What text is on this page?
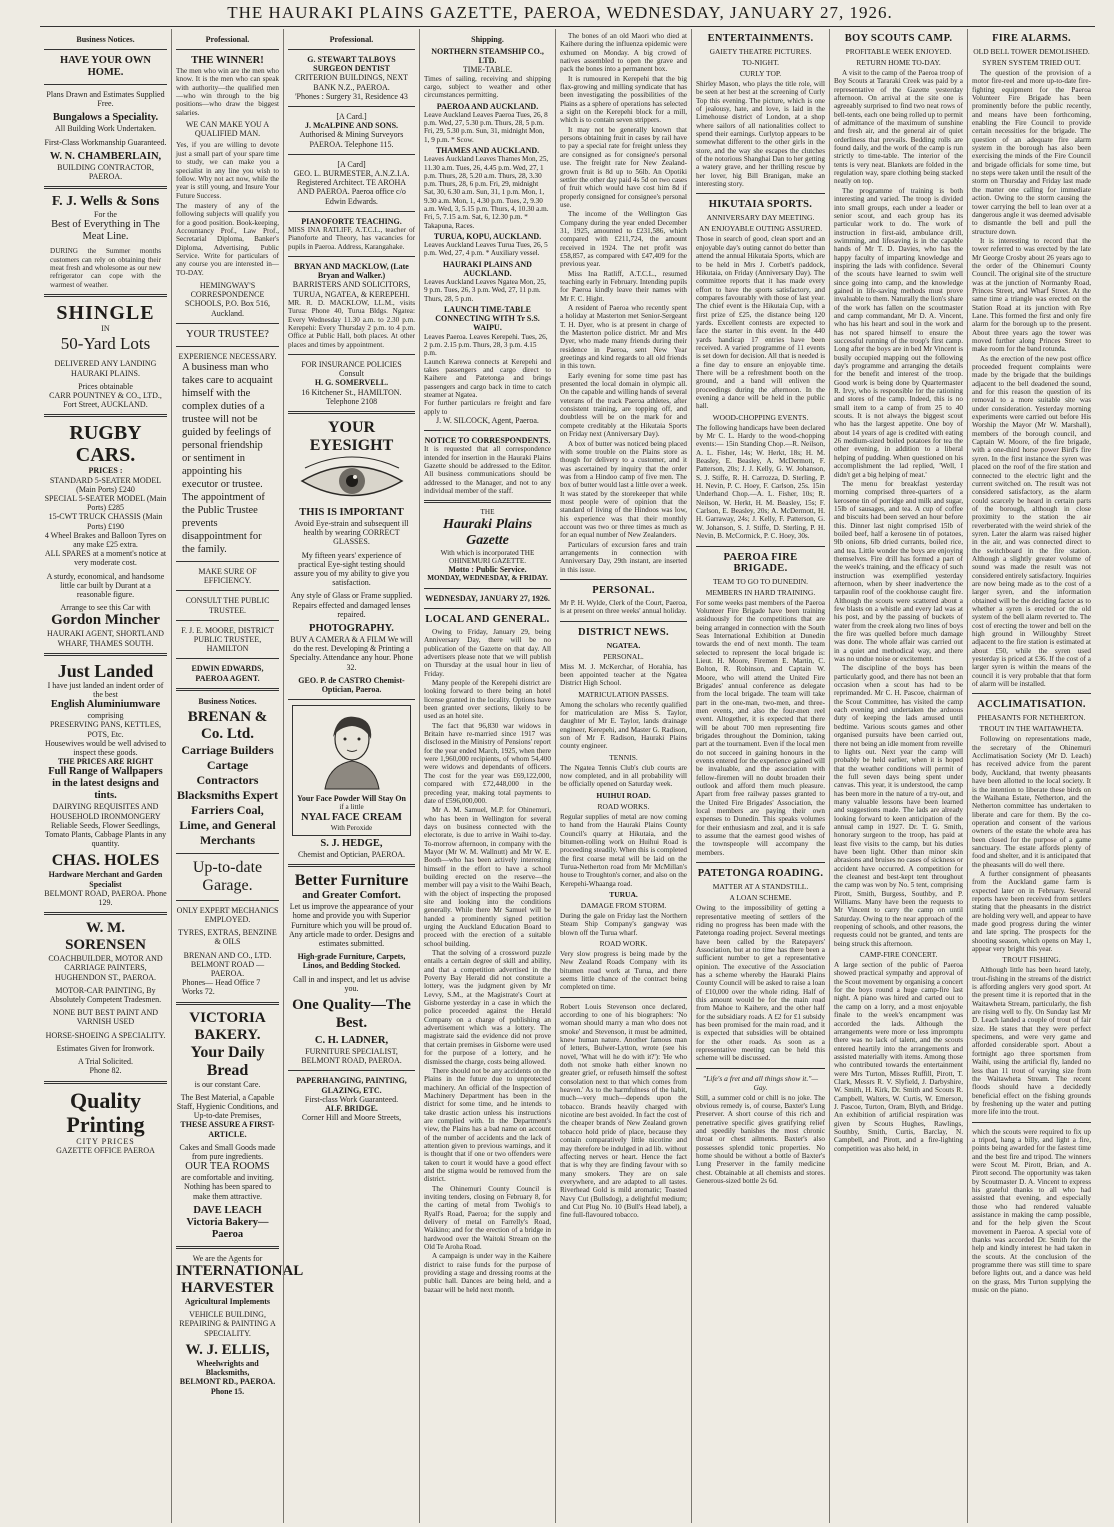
THE HAURAKI PLAINS GAZETTE, PAEROA, WEDNESDAY, JANUARY 27, 1926.
Business Notices.
HAVE YOUR OWN HOME.
Plans Drawn and Estimates Supplied Free.
Bungalows a Speciality.
All Building Work Undertaken.
First-Class Workmanship Guaranteed.
W. N. CHAMBERLAIN,
BUILDING CONTRACTOR, PAEROA.
F. J. Wells & Sons
For the
Best of Everything in The Meat Line.
DURING the Summer months customers can rely on obtaining their meat fresh and wholesome as our new refrigerator can cope with the warmest of weather.
SHINGLE
IN
50-Yard Lots
DELIVERED ANY LANDING HAURAKI PLAINS.
Prices obtainable
CARR POUNTNEY & CO., LTD., Fort Street, AUCKLAND.
RUGBY CARS.
PRICES :
STANDARD 5-SEATER MODEL (Main Ports) £240
SPECIAL 5-SEATER MODEL (Main Ports) £285
15-CWT TRUCK CHASSIS (Main Ports) £190
4 Wheel Brakes and Balloon Tyres on any make £25 extra.
ALL SPARES at a moment's notice at very moderate cost.
A sturdy, economical, and handsome little car built by Durant at a reasonable figure.
Arrange to see this Car with
Gordon Mincher
HAURAKI AGENT, SHORTLAND WHARF, THAMES SOUTH.
Just Landed
I have just landed an indent order of the best
English Aluminiumware
comprising
PRESERVING PANS, KETTLES, POTS, Etc.
Housewives would be well advised to inspect these goods.
THE PRICES ARE RIGHT
Full Range of Wallpapers in the latest designs and tints.
DAIRYING REQUISITES AND HOUSEHOLD IRONMONGERY
Reliable Seeds, Flower Seedlings, Tomato Plants, Cabbage Plants in any quantity.
CHAS. HOLES
Hardware Merchant and Garden Specialist
BELMONT ROAD, PAEROA. Phone 129.
W. M. SORENSEN
COACHBUILDER, MOTOR AND CARRIAGE PAINTERS, HUGHENDON ST., PAEROA.
MOTOR-CAR PAINTING, By Absolutely Competent Tradesmen.
NONE BUT BEST PAINT AND VARNISH USED
HORSE-SHOEING A SPECIALITY.
Estimates Given for Ironwork.
A Trial Solicited.
Phone 82.
Quality Printing
CITY PRICES
GAZETTE OFFICE PAEROA
Professional.
THE WINNER!
The men who win are the men who know. It is the men who can speak with authority—the qualified men—who win through to the big positions—who draw the biggest salaries.
WE CAN MAKE YOU A QUALIFIED MAN.
Yes, if you are willing to devote just a small part of your spare time to study, we can make you a specialist in any line you wish to follow. Why not act now, while the year is still young, and Insure Your Future Success.
The mastery of any of the following subjects will qualify you for a good position. Book-keeping, Accountancy Prof., Law Prof., Secretarial Diploma, Banker's Diploma, Advertising, Public Service. Write for particulars of any course you are interested in—TO-DAY.
HEMINGWAY'S CORRESPONDENCE SCHOOLS, P.O. Box 516, Auckland.
YOUR TRUSTEE?
EXPERIENCE NECESSARY.
A business man who takes care to acquaint himself with the complex duties of a trustee will not be guided by feelings of personal friendship or sentiment in appointing his executor or trustee. The appointment of the Public Trustee prevents disappointment for the family.
MAKE SURE OF EFFICIENCY.
CONSULT THE PUBLIC TRUSTEE.
F. J. E. MOORE, DISTRICT PUBLIC TRUSTEE, HAMILTON
EDWIN EDWARDS, PAEROA AGENT.
Business Notices.
BRENAN & Co. Ltd.
Carriage Builders Cartage Contractors Blacksmiths Expert Farriers Coal, Lime, and General Merchants
Up-to-date Garage.
ONLY EXPERT MECHANICS EMPLOYED.
TYRES, EXTRAS, BENZINE & OILS
BRENAN AND CO., LTD. BELMONT ROAD — PAEROA.
Phones— Head Office 7 Works 72.
VICTORIA BAKERY.
Your Daily Bread
is our constant Care.
The Best Material, a Capable Staff, Hygienic Conditions, and Up-to-date Premises,
THESE ASSURE A FIRST-ARTICLE.
Cakes and Small Goods made from pure ingredients.
OUR TEA ROOMS
are comfortable and inviting. Nothing has been spared to make them attractive.
DAVE LEACH
Victoria Bakery—Paeroa
We are the Agents for
INTERNATIONAL HARVESTER
Agricultural Implements
VEHICLE BUILDING, REPAIRING & PAINTING A SPECIALITY.
W. J. ELLIS,
Wheelwrights and Blacksmiths,
BELMONT RD., PAEROA. Phone 15.
Professional.
G. STEWART TALBOYS SURGEON DENTIST
CRITERION BUILDINGS, NEXT BANK N.Z., PAEROA.
'Phones : Surgery 31, Residence 43
[A Card.]
J. McALPINE AND SONS.
Authorised & Mining Surveyors PAEROA. Telephone 115.
[A Card]
GEO. L. BURMESTER, A.N.Z.I.A. Registered Architect. TE AROHA AND PAEROA. Paeroa office c/o Edwin Edwards.
PIANOFORTE TEACHING.
MISS INA RATLIFF, A.T.C.L., teacher of Pianoforte and Theory, has vacancies for pupils in Paeroa. Address, Karangahake.
BRYAN AND MACKLOW, (Late Bryan and Walker.)
BARRISTERS AND SOLICITORS, TURUA, NGATEA, & KEREPEHI.
MR. R. D. MACKLOW, LL.M., visits Turua: Phone 40, Turua Bldgs. Ngatea: Every Wednesday 11.30 a.m. to 2.30 p.m. Kerepehi: Every Thursday 2 p.m. to 4 p.m. Office at Public Hall, both places. At other places and times by appointment.
FOR INSURANCE POLICIES Consult
H. G. SOMERVELL.
16 Kitchener St., HAMILTON.
Telephone 2108
YOUR EYESIGHT
THIS IS IMPORTANT
Avoid Eye-strain and subsequent ill health by wearing CORRECT GLASSES.
My fifteen years' experience of practical Eye-sight testing should assure you of my ability to give you satisfaction.
Any style of Glass or Frame supplied.
Repairs effected and damaged lenses repaired.
PHOTOGRAPHY.
BUY A CAMERA & A FILM We will do the rest. Developing & Printing a Specialty. Attendance any hour. Phone 32.
GEO. P. de CASTRO Chemist-Optician, Paeroa.
Your Face Powder Will Stay On
if a little
NYAL FACE CREAM
With Peroxide
S. J. HEDGE,
Chemist and Optician, PAEROA.
Better Furniture
and Greater Comfort.
Let us improve the appearance of your home and provide you with Superior Furniture which you will be proud of. Any article made to order. Designs and estimates submitted.
High-grade Furniture, Carpets, Linos, and Bedding Stocked.
Call in and inspect, and let us advise you.
One Quality—The Best.
C. H. LADNER,
FURNITURE SPECIALIST, BELMONT ROAD, PAEROA.
PAPERHANGING, PAINTING, GLAZING, ETC.
First-class Work Guaranteed.
ALF. BRIDGE.
Corner Hill and Moore Streets,
Shipping.
NORTHERN STEAMSHIP CO., LTD.
TIME-TABLE.
Times of sailing, receiving and shipping cargo, subject to weather and other circumstances permitting.
PAEROA AND AUCKLAND.
Leave Auckland Leaves Paeroa Tues, 26, 8 p.m. Wed, 27, 5.30 p.m. Thurs, 28, 5 p.m. Fri, 29, 5.30 p.m. Sun, 31, midnight Mon, 1, 9 p.m. * Scow.
THAMES AND AUCKLAND.
Leaves Auckland Leaves Thames Mon, 25, 11.30 a.m. Tues, 26, 4.45 p.m. Wed, 27, 1 p.m. Thurs, 28, 5.20 a.m. Thurs, 28, 3.30 p.m. Thurs, 28, 6 p.m. Fri, 29, midnight Sat, 30, 6.30 a.m. Sun, 31, 1 p.m. Mon, 1, 9.30 a.m. Mon, 1, 4.30 p.m. Tues, 2, 9.30 a.m. Wed, 3, 5.15 p.m. Thurs, 4, 10.30 a.m. Fri, 5, 7.15 a.m. Sat, 6, 12.30 p.m. * Takapuna, Races.
TURUA, KOPU, AUCKLAND.
Leaves Auckland Leaves Turua Tues, 26, 5 p.m. Wed, 27, 4 p.m. * Auxiliary vessel.
HAURAKI PLAINS AND AUCKLAND.
Leaves Auckland Leaves Ngatea Mon, 25, 9 p.m. Tues, 26, 3 p.m. Wed, 27, 11 p.m. Thurs, 28, 5 p.m.
LAUNCH TIME-TABLE CONNECTING WITH Tr S.S. WAIPU.
Leaves Paeroa. Leaves Kerepehi. Tues, 26, 2 p.m. 2.15 p.m. Thurs, 28, 3 p.m. 4.15 p.m.
Launch Karewa connects at Kerepehi and takes passengers and cargo direct to Kaihere and Patetonga and brings passengers and cargo back in time to catch steamer at Ngatea.
For further particulars re freight and fare apply to
J. W. SILCOCK, Agent, Paeroa.
NOTICE TO CORRESPONDENTS.
It is requested that all correspondence intended for insertion in the Hauraki Plains Gazette should be addressed to the Editor. All business communications should be addressed to the Manager, and not to any individual member of the staff.
THE
Hauraki Plains Gazette
With which is incorporated THE OHINEMURI GAZETTE.
Motto : Public Service.
MONDAY, WEDNESDAY, & FRIDAY.
WEDNESDAY, JANUARY 27, 1926.
LOCAL AND GENERAL.

Owing to Friday, January 29, being Anniversary Day, there will be no publication of the Gazette on that day. All advertisers please note that we will publish on Thursday at the usual hour in lieu of Friday.

Many people of the Kerepehi district are looking forward to there being an hotel license granted in the locality. Options have been granted over sections, likely to be used as an hotel site.

The fact that 96,830 war widows in Britain have re-married since 1917 was disclosed in the Ministry of Pensions' report for the year ended March, 1925, when there were 1,960,000 recipients, of whom 54,400 were widows and dependants of officers. The cost for the year was £69,122,000, compared with £72,448,000 in the preceding year, making total payments to date of £596,000,000.

Mr A. M. Samuel, M.P. for Ohinemuri, who has been in Wellington for several days on business connected with the electorate, is due to arrive in Waihi to-day. To-morrow afternoon, in company with the Mayor (Mr W. M. Wallnutt) and Mr W. E. Booth—who has been actively interesting himself in the effort to have a school building erected on the reserve—the member will pay a visit to the Waihi Beach, with the object of inspecting the proposed site and looking into the conditions generally. While there Mr Samuel will be handed a prominently signed petition urging the Auckland Education Board to proceed with the erection of a suitable school building.

That the solving of a crossword puzzle entails a certain degree of skill and ability, and that a competition advertised in the Poverty Bay Herald did not constitute a lottery, was the judgment given by Mr Levvy, S.M., at the Magistrate's Court at Gisborne yesterday in a case in which the police proceeded against the Herald Company on a charge of publishing an advertisement which was a lottery. The magistrate said the evidence did not prove that certain premises in Gisborne were used for the purpose of a lottery, and he dismissed the charge, costs being allowed.

There should not be any accidents on the Plains in the future due to unprotected machinery. An official of the Inspection of Machinery Department has been in the district for some time, and he intends to take drastic action unless his instructions are complied with. In the Department's view, the Plains has a bad name on account of the number of accidents and the lack of attention given to previous warnings, and it is thought that if one or two offenders were taken to court it would have a good effect and the stigma would be removed from the district.

The Ohinemuri County Council is inviting tenders, closing on February 8, for the carting of metal from Twohig's to Ryall's Road, Paeroa; for the supply and delivery of metal on Farrelly's Road, Waikino; and for the erection of a bridge in hardwood over the Waitoki Stream on the Old Te Aroha Road.

A campaign is under way in the Kaihere district to raise funds for the purpose of providing a stage and dressing rooms at the public hall. Dances are being held, and a bazaar will be held next month.

The bones of an old Maori who died at Kaihere during the influenza epidemic were exhumed on Monday. A big crowd of natives assembled to open the grave and pack the bones into a permanent box.

It is rumoured in Kerepehi that the big flax-growing and milling syndicate that has been investigating the possibilities of the Plains as a sphere of operations has selected a sight on the Kerepehi block for a mill, which is to contain seven strippers.

It may not be generally known that persons obtaining fruit in cases by rail have to pay a special rate for freight unless they are consigned as for consignee's personal use. The freight rate for New Zealand-grown fruit is 8d up to 56lb. An Opotiki settler the other day paid 4s 5d on two cases of fruit which would have cost him 8d if properly consigned for consignee's personal use.

The income of the Wellington Gas Company during the year ended December 31, 1925, amounted to £231,586, which compared with £211,724, the amount received in 1924. The net profit was £58,857, as compared with £47,409 for the previous year.

Miss Ina Ratliff, A.T.C.L., resumed teaching early in February. Intending pupils for Paeroa kindly leave their names with Mr F. C. Hight.

A resident of Paeroa who recently spent a holiday at Masterton met Senior-Sergeant T. H. Dyer, who is at present in charge of the Masterton police district. Mr and Mrs Dyer, who made many friends during their residence in Paeroa, sent New Year greetings and kind regards to all old friends in this town.

Early evening for some time past has presented the local domain in olympic all. On the capable and willing hands of several veterans of the track Paeroa athletes, after consistent training, are topping off, and doubtless will be on the mark for and compete creditably at the Hikutaia Sports on Friday next (Anniversary Day).

A box of butter was noticed being placed with some trouble on the Plains store as though for delivery to a customer, and it was ascertained by inquiry that the order was from a Hindoo camp of five men. The box of butter would last a little over a week. It was stated by the storekeeper that while most people were of opinion that the standard of living of the Hindoos was low, his experience was that their monthly account was two or three times as much as for an equal number of New Zealanders.

Particulars of excursion fares and train arrangements in connection with Anniversary Day, 29th instant, are inserted in this issue.

PERSONAL.
Mr P. H. Wylde, Clerk of the Court, Paeroa, is at present on three weeks' annual holiday.
DISTRICT NEWS.
NGATEA.
PERSONAL.
Miss M. J. McKerchar, of Horahia, has been appointed teacher at the Ngatea District High School.
MATRICULATION PASSES.
Among the scholars who recently qualified for matriculation are Miss S. Taylor, daughter of Mr E. Taylor, lands drainage engineer, Kerepehi, and Master G. Radison, son of Mr F. Radison, Hauraki Plains county engineer.
TENNIS.
The Ngatea Tennis Club's club courts are now completed, and in all probability will be officially opened on Saturday week.
HUIHUI ROAD.
ROAD WORKS.
Regular supplies of metal are now coming to hand from the Hauraki Plains County Council's quarry at Hikutaia, and the bitumen-rolling work on Huihui Road is proceeding steadily. When this is completed the first coarse metal will be laid on the Turua-Netherton road from Mr McMillan's house to Troughton's corner, and also on the Kerepehi-Whaanga road.
TURUA.
DAMAGE FROM STORM.
During the gale on Friday last the Northern Steam Ship Company's gangway was blown off the Turua wharf.
ROAD WORK.
Very slow progress is being made by the New Zealand Roads Company with its bitumen road work at Turua, and there seems little chance of the contract being completed on time.
Robert Louis Stevenson once declared, according to one of his biographers: 'No woman should marry a man who does not smoke' and Stevenson, it must be admitted, knew human nature. Another famous man of letters, Bulwer-Lytton, wrote (see his novel, 'What will he do with it?'): 'He who doth not smoke hath either known no greater grief, or refuseth himself the softest consolation next to that which comes from heaven.' As to the harmfulness of the habit, much—very much—depends upon the tobacco. Brands heavily charged with nicotine are best avoided. In fact the cost of the cheaper brands of New Zealand grown tobacco hold pride of place, because they contain comparatively little nicotine and may therefore be indulged in ad lib. without affecting nerves or heart. Hence the fact that is why they are finding favour with so many smokers. They are on sale everywhere, and are adapted to all tastes. Riverhead Gold is mild aromatic; Toasted Navy Cut (Bullsdog), a delightful medium; and Cut Plug No. 10 (Bull's Head label), a fine full-flavoured tobacco.
ENTERTAINMENTS.
GAIETY THEATRE PICTURES.
TO-NIGHT.
CURLY TOP.
Shirley Mason, who plays the title role, will be seen at her best at the screening of Curly Top this evening. The picture, which is one of jealousy, hate, and love, is laid in the Limehouse district of London, at a shop where sailors of all nationalities collect to spend their earnings. Curlytop appears to be somewhat different to the other girls in the store, and the way she escapes the clutches of the notorious Shanghai Dan to her getting a watery grave, and her thrilling rescue by her lover, hig Bill Branigan, make an interesting story.
HIKUTAIA SPORTS.
ANNIVERSARY DAY MEETING.
AN ENJOYABLE OUTING ASSURED.
Those in search of good, clean sport and an enjoyable day's outing cannot do better than attend the annual Hikutaia Sports, which are to be held in Mrs J. Corbett's paddock, Hikutaia, on Friday (Anniversary Day). The committee reports that it has made every effort to have the sports satisfactory, and compares favourably with those of last year. The chief event is the Hikutaia Cup, with a first prize of £25, the distance being 120 yards. Excellent contests are expected to face the starter in this event. In the 440 yards handicap 17 entries have been received. A varied programme of 11 events is set down for decision. All that is needed is a fine day to ensure an enjoyable time. There will be a refreshment booth on the ground, and a band will enliven the proceedings during the afternoon. In the evening a dance will be held in the public hall.
WOOD-CHOPPING EVENTS.
The following handicaps have been declared by Mr C. L. Hardy to the wood-chopping events:— 15in Standing Chop.—R. Neilson, A. L. Fisher, 14s; W. Herkt, 18s; H. M. Beasley, E. Beasley, A. McDermott, F. Patterson, 20s; J. J. Kelly, G. W. Johanson, S. J. Stiffe, R. H. Carrozza, D. Sterling, P. H. Nevin, P. C. Hoey, F. Carlson, 25s. 15in Underhand Chop.—A. L. Fisher, 10s; R. Neilson, W. Herkt, H. M. Beasley, 15s; F. Carlson, E. Beasley, 20s; A. McDermott, H. H. Garraway, 24s; J. Kelly, F. Patterson, G. W. Johanson, S. J. Stiffe, D. Sterling, P. H. Nevin, B. McCormick, P. C. Hoey, 30s.
PAEROA FIRE BRIGADE.
TEAM TO GO TO DUNEDIN.
MEMBERS IN HARD TRAINING.
For some weeks past members of the Paeroa Volunteer Fire Brigade have been training assiduously for the competitions that are being arranged in connection with the South Seas International Exhibition at Dunedin towards the end of next month. The team selected to represent the local brigade is: Lieut. H. Moore, Firemen E. Martin, C. Bolton, R. Robinson, and Captain W. Moore, who will attend the United Fire Brigades' annual conference as delegate from the local brigade. The team will take part in the one-man, two-men, and three-men events, and also the four-men reel event. Altogether, it is expected that there will be about 700 men representing fire brigades throughout the Dominion, taking part at the tournament. Even if the local men do not succeed in gaining honours in the events entered for the experience gained will be invaluable, and the association with fellow-firemen will no doubt broaden their outlook and afford them much pleasure. Apart from free railway passes granted to the United Fire Brigades' Association, the local members are paying their own expenses to Dunedin. This speaks volumes for their enthusiasm and zeal, and it is safe to assume that the earnest good wishes of the townspeople will accompany the members.
PATETONGA ROADING.
MATTER AT A STANDSTILL.
A LOAN SCHEME.
Owing to the impossibility of getting a representative meeting of settlers of the riding no progress has been made with the Patetonga roading project. Several meetings have been called by the Ratepayers' Association, but at no time has there been a sufficient number to get a representative opinion. The executive of the Association has a scheme whereby the Hauraki Plains County Council will be asked to raise a loan of £10,000 over the whole riding. Half of this amount would be for the main road from Mahoe to Kaihere, and the other half for the subsidiary roads. A £2 for £1 subsidy has been promised for the main road, and it is expected that subsidies will be obtained for the other roads. As soon as a representative meeting can be held this scheme will be discussed.
"Life's a fret and all things show it."—Gay.
Still, a summer cold or chill is no joke. The obvious remedy is, of course, Baxter's Lung Preserver. A short course of this rich and penetrative specific gives gratifying relief and speedily banishes the most chronic throat or chest ailments. Baxter's also possesses splendid tonic properties. No home should be without a bottle of Baxter's Lung Preserver in the family medicine chest. Obtainable at all chemists and stores. Generous-sized bottle 2s 6d.
BOY SCOUTS CAMP.
PROFITABLE WEEK ENJOYED.
RETURN HOME TO-DAY.

A visit to the camp of the Paeroa troop of Boy Scouts at Tararaki Creek was paid by a representative of the Gazette yesterday afternoon. On arrival at the site one is agreeably surprised to find two neat rows of bell-tents, each one being rolled up to permit of admittance of the maximum of sunshine and fresh air, and the general air of quiet orderliness that prevails. Bedding rolls are found daily, and the work of the camp is run strictly to time-table. The interior of the tents is very neat. Blankets are folded in the regulation way, spare clothing being stacked neatly on top.

The programme of training is both interesting and varied. The troop is divided into small groups, each under a leader or senior scout, and each group has its particular work to do. The work of instruction in first-aid, ambulance drill, swimming, and lifesaving is in the capable hands of Mr T. D. Davies, who has the happy faculty of imparting knowledge and inspiring the lads with confidence. Several of the scouts have learned to swim well since going into camp, and the knowledge gained in life-saving methods must prove invaluable to them. Naturally the lion's share of the work has fallen on the scoutmaster and camp commandant, Mr D. A. Vincent, who has his heart and soul in the work and has not spared himself to ensure the successful running of the troop's first camp. Long after the boys are in bed Mr Vincent is busily occupied mapping out the following day's programme and arranging the details for the benefit and interest of the troop. Good work is being done by Quartermaster R. Irvy, who is responsible for the rationing and stores of the camp. Indeed, this is no small item to a camp of from 25 to 40 scouts. It is not always the biggest scout who has the largest appetite. One boy of about 14 years of age is credited with eating 26 medium-sized boiled potatoes for tea the other evening, in addition to a liberal helping of pudding. When questioned on his accomplishment the lad replied, 'Well, I didn't get a big helping of meat.'

The menu for breakfast yesterday morning comprised three-quarters of a kerosene tin of porridge and milk and sugar, 15lb of sausages, and tea. A cup of coffee and biscuits had been served an hour before this. Dinner last night comprised 15lb of boiled beef, half a kerosene tin of potatoes, 9lb onions, 6lb dried currants, boiled rice, and tea. Little wonder the boys are enjoying themselves. Fire drill has formed a part of the week's training, and the efficacy of such instruction was exemplified yesterday afternoon, when by sheer inadvertence the tarpaulin roof of the cookhouse caught fire. Although the scouts were scattered about a few blasts on a whistle and every lad was at his post, and by the passing of buckets of water from the creek along two lines of boys the fire was quelled before much damage was done. The whole affair was carried out in a quiet and methodical way, and there was no undue noise or excitement.

The discipline of the boys has been particularly good, and there has not been an occasion when a scout has had to be reprimanded. Mr C. H. Pascoe, chairman of the Scout Committee, has visited the camp each evening and undertaken the arduous duty of keeping the lads amused until bedtime. Various scouts games and other organised pursuits have been carried out, there not being an idle moment from reveille to lights out. Next year the camp will probably be held earlier, when it is hoped that the weather conditions will permit of the full seven days being spent under canvas. This year, it is understood, the camp has been more in the nature of a try-out, and many valuable lessons have been learned and suggestions made. The lads are already looking forward to keen anticipation of the annual camp in 1927. Dr. T. G. Smith, honorary surgeon to the troop, has paid at least five visits to the camp, but his duties have been light. Other than minor skin abrasions and bruises no cases of sickness or accident have occurred. A competition for the cleanest and best-kept tent throughout the camp was won by No. 5 tent, comprising Pirott, Smith, Burgess, Southby, and P. Williams. Many have been the requests to Mr Vincent to carry the camp on until Saturday. Owing to the near approach of the reopening of schools, and other reasons, the requests could not be granted, and tents are being struck this afternoon.

CAMP-FIRE CONCERT.
A large section of the public of Paeroa showed practical sympathy and approval of the Scout movement by organising a concert for the boys round a huge camp-fire last night. A piano was hired and carted out to the camp on a lorry, and a most enjoyable finale to the week's encampment was accorded the lads. Although the arrangements were more or less impromptu there was no lack of talent, and the scouts entered heartily into the arrangements and assisted materially with items. Among those who contributed towards the entertainment were Mrs Turton, Misses Ruffill, Pirott, T. Clark, Messrs R. V. Slyfield, J. Darbyshire, W. Smith, H. Kirk, Dr. Smith and Scouts R. Campbell, Walters, W. Curtis, W. Emerson, J. Pascoe, Turton, Oram, Blyth, and Bridge. An exhibition of artificial respiration was given by Scouts Hughes, Rawlings, Southby, Smith, Curtis, Barclay, N. Campbell, and Pirott, and a fire-lighting competition was also held, in
FIRE ALARMS.
OLD BELL TOWER DEMOLISHED.
SYREN SYSTEM TRIED OUT.

The question of the provision of a motor fire-reel and more up-to-date fire-fighting equipment for the Paeroa Volunteer Fire Brigade has been prominently before the public recently, and means have been forthcoming, enabling the Fire Council to provide certain necessities for the brigade. The question of an adequate fire alarm system in the borough has also been exercising the minds of the Fire Council and brigade officials for some time, but no steps were taken until the result of the storm on Thursday and Friday last made the matter one calling for immediate action. Owing to the storm causing the tower carrying the bell to lean over at a dangerous angle it was deemed advisable to dismantle the bell and pull the structure down.

It is interesting to record that the tower referred to was erected by the late Mr George Crosby about 26 years ago to the order of the Ohinemuri County Council. The original site of the structure was at the junction of Normanby Road, Princes Street, and Wharf Street. At the same time a triangle was erected on the Station Road at its junction with Rye Lane. This formed the first and only fire alarm for the borough up to the present. About three years ago the tower was moved further along Princes Street to make room for the band rotunda.

As the erection of the new post office proceeded frequent complaints were made by the brigade that the buildings adjacent to the bell deadened the sound, and for this reason the question of its removal to a more suitable site was under consideration. Yesterday morning experiments were carried out before His Worship the Mayor (Mr W. Marshall), members of the borough council, and Captain W. Moore, of the fire brigade, with a one-third horse power Bird's fire syren. In the first instance the syren was placed on the roof of the fire station and connected to the electric light and the current switched on. The result was not considered satisfactory, as the alarm could scarcely be heard in certain parts of the borough, although in close proximity to the station the air reverberated with the weird shriek of the syren. Later the alarm was raised higher in the air, and was connected direct to the switchboard in the fire station. Although a slightly greater volume of sound was made the result was not considered entirely satisfactory. Inquiries are now being made as to the cost of a larger syren, and the information obtained will be the deciding factor as to whether a syren is erected or the old system of the bell alarm reverted to. The cost of erecting the tower and bell on the high ground in Willoughby Street adjacent to the fire station is estimated at about £50, while the syren used yesterday is priced at £36. If the cost of a larger syren is within the means of the council it is very probable that that form of alarm will be installed.

ACCLIMATISATION.
PHEASANTS FOR NETHERTON.
TROUT IN THE WAITAWHETA.

Following on representations made, the secretary of the Ohinemuri Acclimatisation Society (Mr D. Leach) has received advice from the parent body, Auckland, that twenty pheasants have been allotted to the local society. It is the intention to liberate these birds on the Waihana Estate, Netherton, and the Netherton committee has undertaken to liberate and care for them. By the co-operation and consent of the various owners of the estate the whole area has been closed for the purpose of a game sanctuary. The estate affords plenty of food and shelter, and it is anticipated that the pheasants will do well there.

A further consignment of pheasants from the Auckland game farm is expected later on in February. Several reports have been received from settlers stating that the pheasants in the district are holding very well, and appear to have made good progress during the winter and late spring. The prospects for the shooting season, which opens on May 1, appear very bright this year.

TROUT FISHING.

Although little has been heard lately, trout-fishing in the streams of the district is affording anglers very good sport. At the present time it is reported that in the Waitawheta Stream, particularly, the fish are rising well to fly. On Sunday last Mr D. Leach landed a couple of trout of fair size. He states that they were perfect specimens, and were very game and afforded considerable sport. About a fortnight ago three sportsmen from Waihi, using the artificial fly, landed no less than 11 trout of varying size from the Waitawheta Stream. The recent floods should have a decidedly beneficial effect on the fishing grounds by freshening up the water and putting more life into the trout.

which the scouts were required to fix up a tripod, hang a billy, and light a fire, points being awarded for the fastest time and the best fire and tripod. The winners were Scout M. Pirott, Brian, and A. Pirott second. The opportunity was taken by Scoutmaster D. A. Vincent to express his grateful thanks to all who had assisted that evening, and especially those who had rendered valuable assistance in making the camp possible, and for the help given the Scout movement in Paeroa. A special vote of thanks was accorded Dr. Smith for the help and kindly interest he had taken in the scouts. At the conclusion of the programme there was still time to spare before lights out, and a dance was held on the grass, Mrs Turton supplying the music on the piano.
